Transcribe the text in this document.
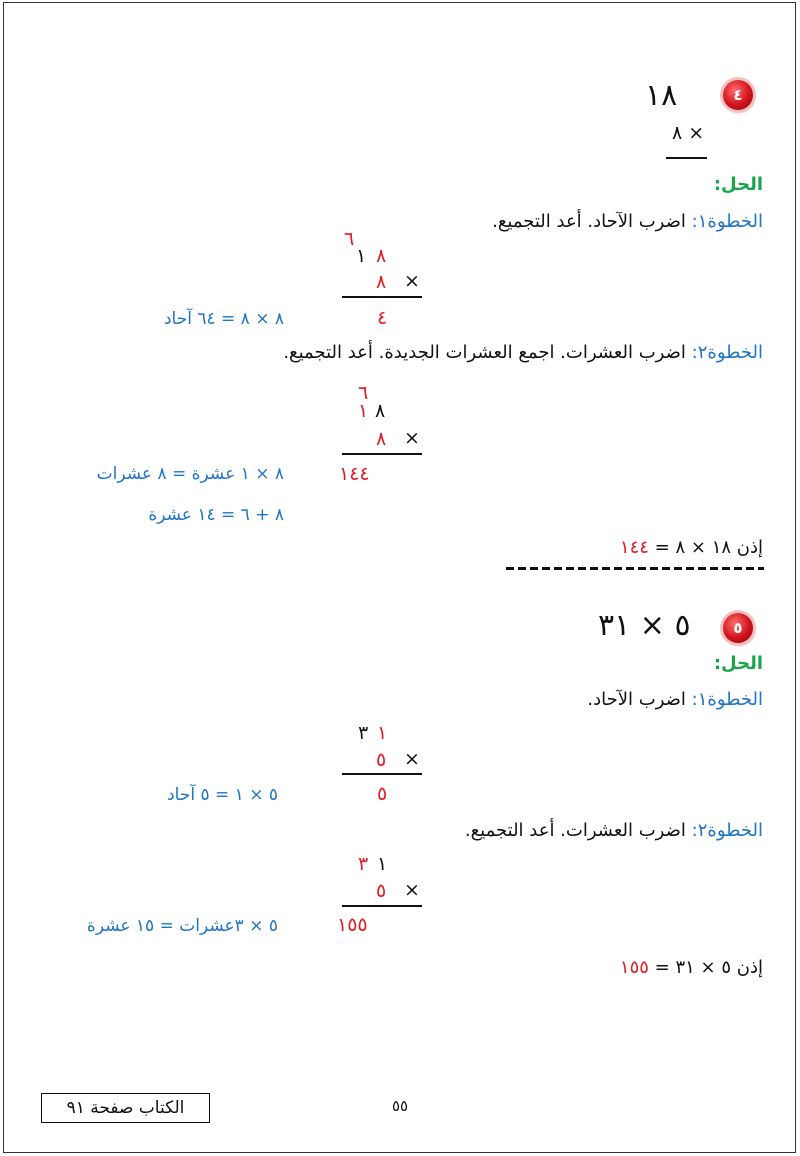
٤
١٨
٨ ×
الحل:
الخطوة١: اضرب الآحاد. أعد التجميع.
٦
١ ٨
٨ ×
٤
٨ × ٨ = ٦٤ آحاد
الخطوة٢: اضرب العشرات. اجمع العشرات الجديدة. أعد التجميع.
٦
١ ٨
٨ ×
١٤٤
٨ × ١ عشرة = ٨ عشرات
٨ + ٦ = ١٤ عشرة
إذن ١٨ × ٨ = ١٤٤
٥
٥ × ٣١
الحل:
الخطوة١: اضرب الآحاد.
٣ ١
٥ ×
٥
٥ × ١ = ٥ آحاد
الخطوة٢: اضرب العشرات. أعد التجميع.
٣ ١
٥ ×
١٥٥
٥ × ٣عشرات = ١٥ عشرة
إذن ٥ × ٣١ = ١٥٥
٥٥
الكتاب صفحة ٩١
